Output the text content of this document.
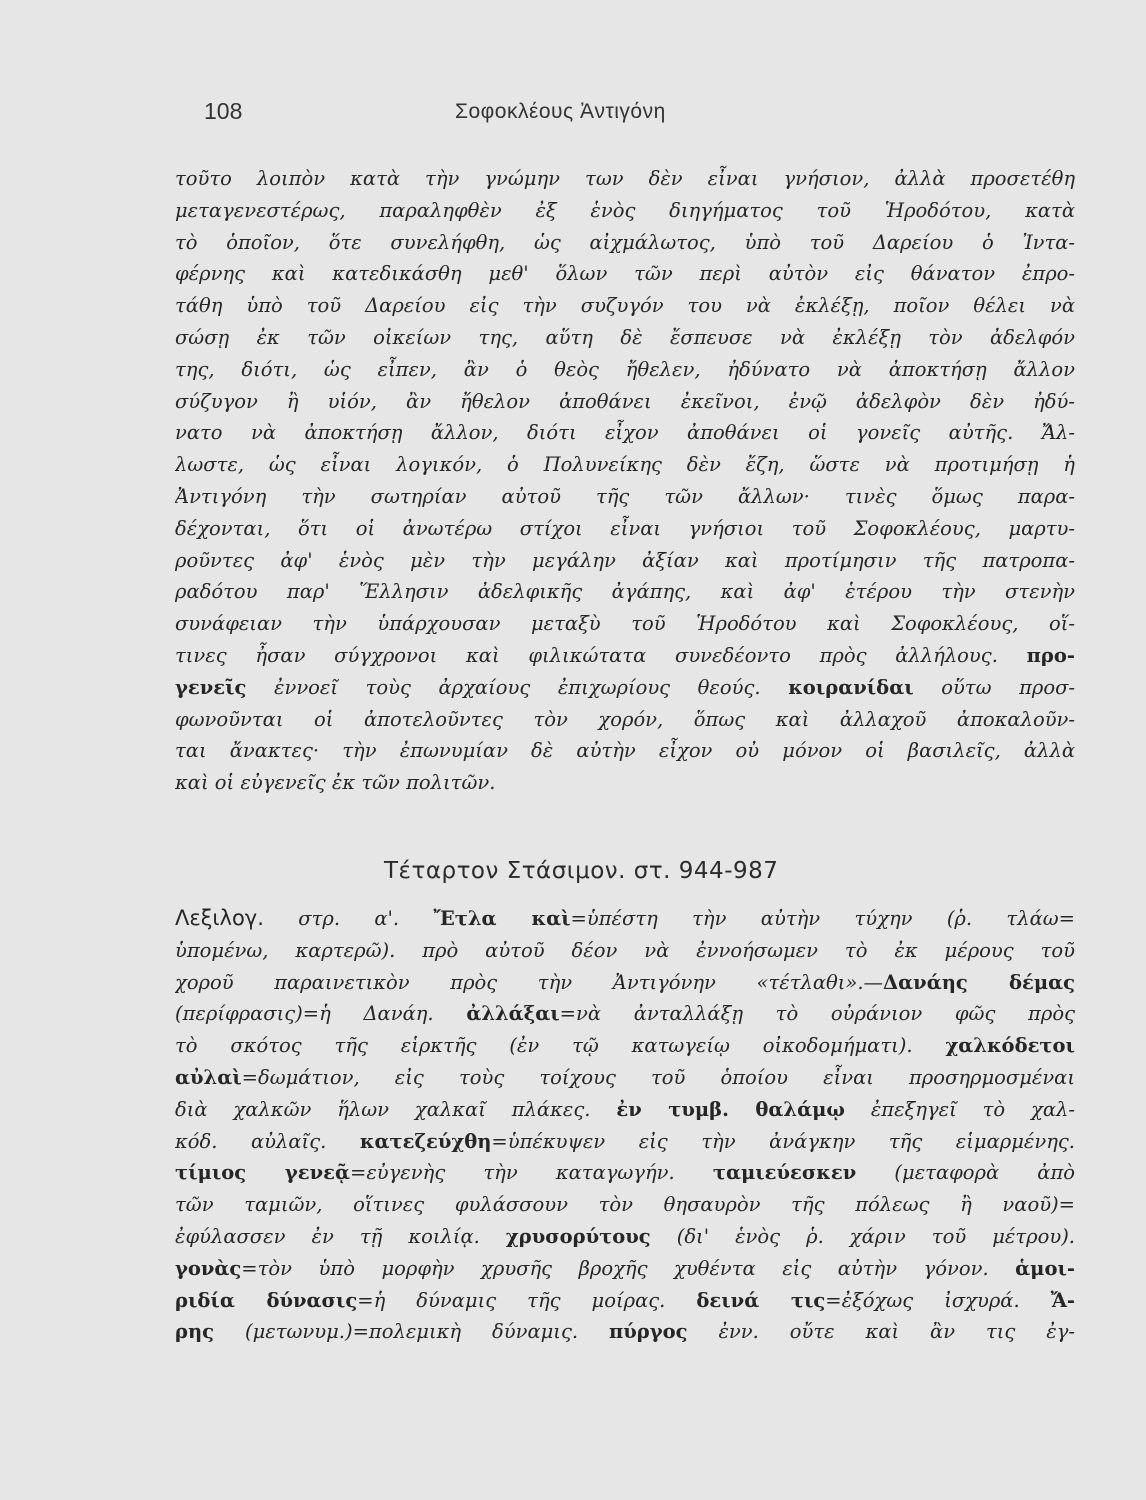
108	Σοφοκλέους Ἀντιγόνη
τοῦτο λοιπὸν κατὰ τὴν γνώμην των δὲν εἶναι γνήσιον, ἀλλὰ προσετέθη
μεταγενεστέρως, παραληφθὲν ἐξ ἑνὸς διηγήματος τοῦ Ἡροδότου, κατὰ
τὸ ὁποῖον, ὅτε συνελήφθη, ὡς αἰχμάλωτος, ὑπὸ τοῦ Δαρείου ὁ Ἰντα-
φέρνης καὶ κατεδικάσθη μεθ' ὅλων τῶν περὶ αὐτὸν εἰς θάνατον ἐπρο-
τάθη ὑπὸ τοῦ Δαρείου εἰς τὴν συζυγόν του νὰ ἐκλέξῃ, ποῖον θέλει νὰ
σώσῃ ἐκ τῶν οἰκείων της, αὕτη δὲ ἔσπευσε νὰ ἐκλέξῃ τὸν ἀδελφόν
της, διότι, ὡς εἶπεν, ἂν ὁ θεὸς ἤθελεν, ἠδύνατο νὰ ἀποκτήσῃ ἄλλον
σύζυγον ἢ υἱόν, ἂν ἤθελον ἀποθάνει ἐκεῖνοι, ἐνῷ ἀδελφὸν δὲν ἠδύ-
νατο νὰ ἀποκτήσῃ ἄλλον, διότι εἶχον ἀποθάνει οἱ γονεῖς αὐτῆς. Ἄλ-
λωστε, ὡς εἶναι λογικόν, ὁ Πολυνείκης δὲν ἔζη, ὥστε νὰ προτιμήσῃ ἡ
Ἀντιγόνη τὴν σωτηρίαν αὐτοῦ τῆς τῶν ἄλλων· τινὲς ὅμως παρα-
δέχονται, ὅτι οἱ ἀνωτέρω στίχοι εἶναι γνήσιοι τοῦ Σοφοκλέους, μαρτυ-
ροῦντες ἀφ' ἑνὸς μὲν τὴν μεγάλην ἀξίαν καὶ προτίμησιν τῆς πατροπα-
ραδότου παρ' Ἕλλησιν ἀδελφικῆς ἀγάπης, καὶ ἀφ' ἑτέρου τὴν στενὴν
συνάφειαν τὴν ὑπάρχουσαν μεταξὺ τοῦ Ἡροδότου καὶ Σοφοκλέους, οἵ-
τινες ἦσαν σύγχρονοι καὶ φιλικώτατα συνεδέοντο πρὸς ἀλλήλους. προ-
γενεῖς ἐννοεῖ τοὺς ἀρχαίους ἐπιχωρίους θεούς. κοιρανίδαι οὕτω προσ-
φωνοῦνται οἱ ἀποτελοῦντες τὸν χορόν, ὅπως καὶ ἀλλαχοῦ ἀποκαλοῦν-
ται ἄνακτες· τὴν ἐπωνυμίαν δὲ αὐτὴν εἶχον οὐ μόνον οἱ βασιλεῖς, ἀλλὰ
καὶ οἱ εὐγενεῖς ἐκ τῶν πολιτῶν.
Τέταρτον Στάσιμον. στ. 944-987
Λεξιλογ. στρ. α'. Ἔτλα καὶ=ὑπέστη τὴν αὐτὴν τύχην (ῥ. τλάω=
ὑπομένω, καρτερῶ). πρὸ αὐτοῦ δέον νὰ ἐννοήσωμεν τὸ ἐκ μέρους τοῦ
χοροῦ παραινετικὸν πρὸς τὴν Ἀντιγόνην «τέτλαθι».—Δανάης δέμας
(περίφρασις)=ἡ Δανάη. ἀλλάξαι=νὰ ἀνταλλάξῃ τὸ οὐράνιον φῶς πρὸς
τὸ σκότος τῆς εἱρκτῆς (ἐν τῷ κατωγείῳ οἰκοδομήματι). χαλκόδετοι
αὐλαὶ=δωμάτιον, εἰς τοὺς τοίχους τοῦ ὁποίου εἶναι προσηρμοσμέναι
διὰ χαλκῶν ἥλων χαλκαῖ πλάκες. ἐν τυμβ. θαλάμῳ ἐπεξηγεῖ τὸ χαλ-
κόδ. αὐλαῖς. κατεζεύχθη=ὑπέκυψεν εἰς τὴν ἀνάγκην τῆς εἱμαρμένης.
τίμιος γενεᾷ=εὐγενὴς τὴν καταγωγήν. ταμιεύεσκεν (μεταφορὰ ἀπὸ
τῶν ταμιῶν, οἵτινες φυλάσσουν τὸν θησαυρὸν τῆς πόλεως ἢ ναοῦ)=
ἐφύλασσεν ἐν τῇ κοιλίᾳ. χρυσορύτους (δι' ἑνὸς ῥ. χάριν τοῦ μέτρου).
γονὰς=τὸν ὑπὸ μορφὴν χρυσῆς βροχῆς χυθέντα εἰς αὐτὴν γόνον. ἁμοι-
ριδία δύνασις=ἡ δύναμις τῆς μοίρας. δεινά τις=ἐξόχως ἰσχυρά. Ἄ-
ρης (μετωνυμ.)=πολεμικὴ δύναμις. πύργος ἐνν. οὔτε καὶ ἂν τις ἐγ-
